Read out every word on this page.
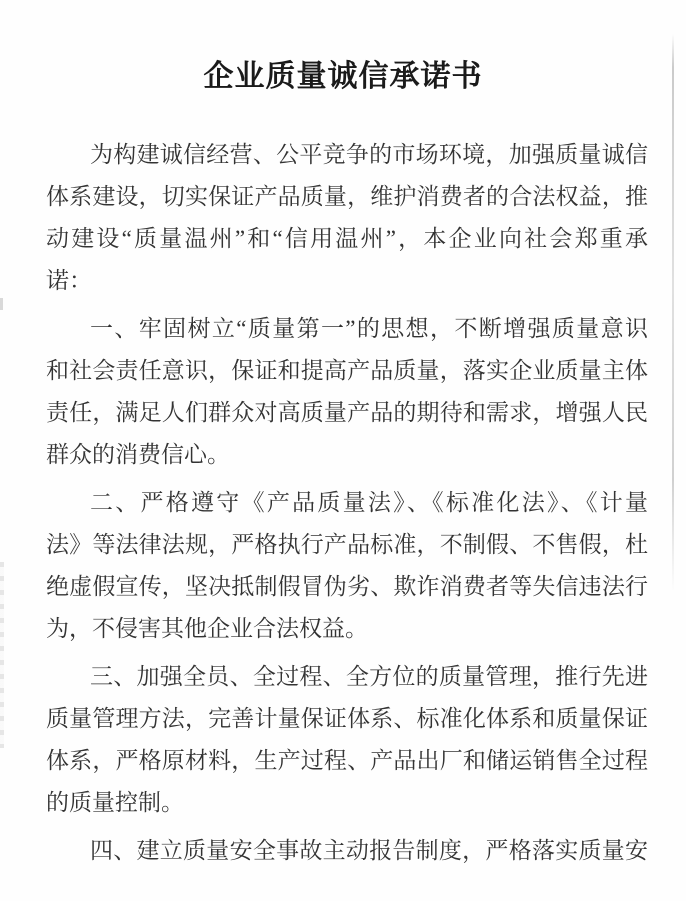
企业质量诚信承诺书
为构建诚信经营、公平竞争的市场环境，加强质量诚信
体系建设，切实保证产品质量，维护消费者的合法权益，推
动建设“质量温州”和“信用温州”，本企业向社会郑重承
诺：
一、牢固树立“质量第一”的思想，不断增强质量意识
和社会责任意识，保证和提高产品质量，落实企业质量主体
责任，满足人们群众对高质量产品的期待和需求，增强人民
群众的消费信心。
二、严格遵守《产品质量法》、《标准化法》、《计量
法》等法律法规，严格执行产品标准，不制假、不售假，杜
绝虚假宣传，坚决抵制假冒伪劣、欺诈消费者等失信违法行
为，不侵害其他企业合法权益。
三、加强全员、全过程、全方位的质量管理，推行先进
质量管理方法，完善计量保证体系、标准化体系和质量保证
体系，严格原材料，生产过程、产品出厂和储运销售全过程
的质量控制。
四、建立质量安全事故主动报告制度，严格落实质量安
